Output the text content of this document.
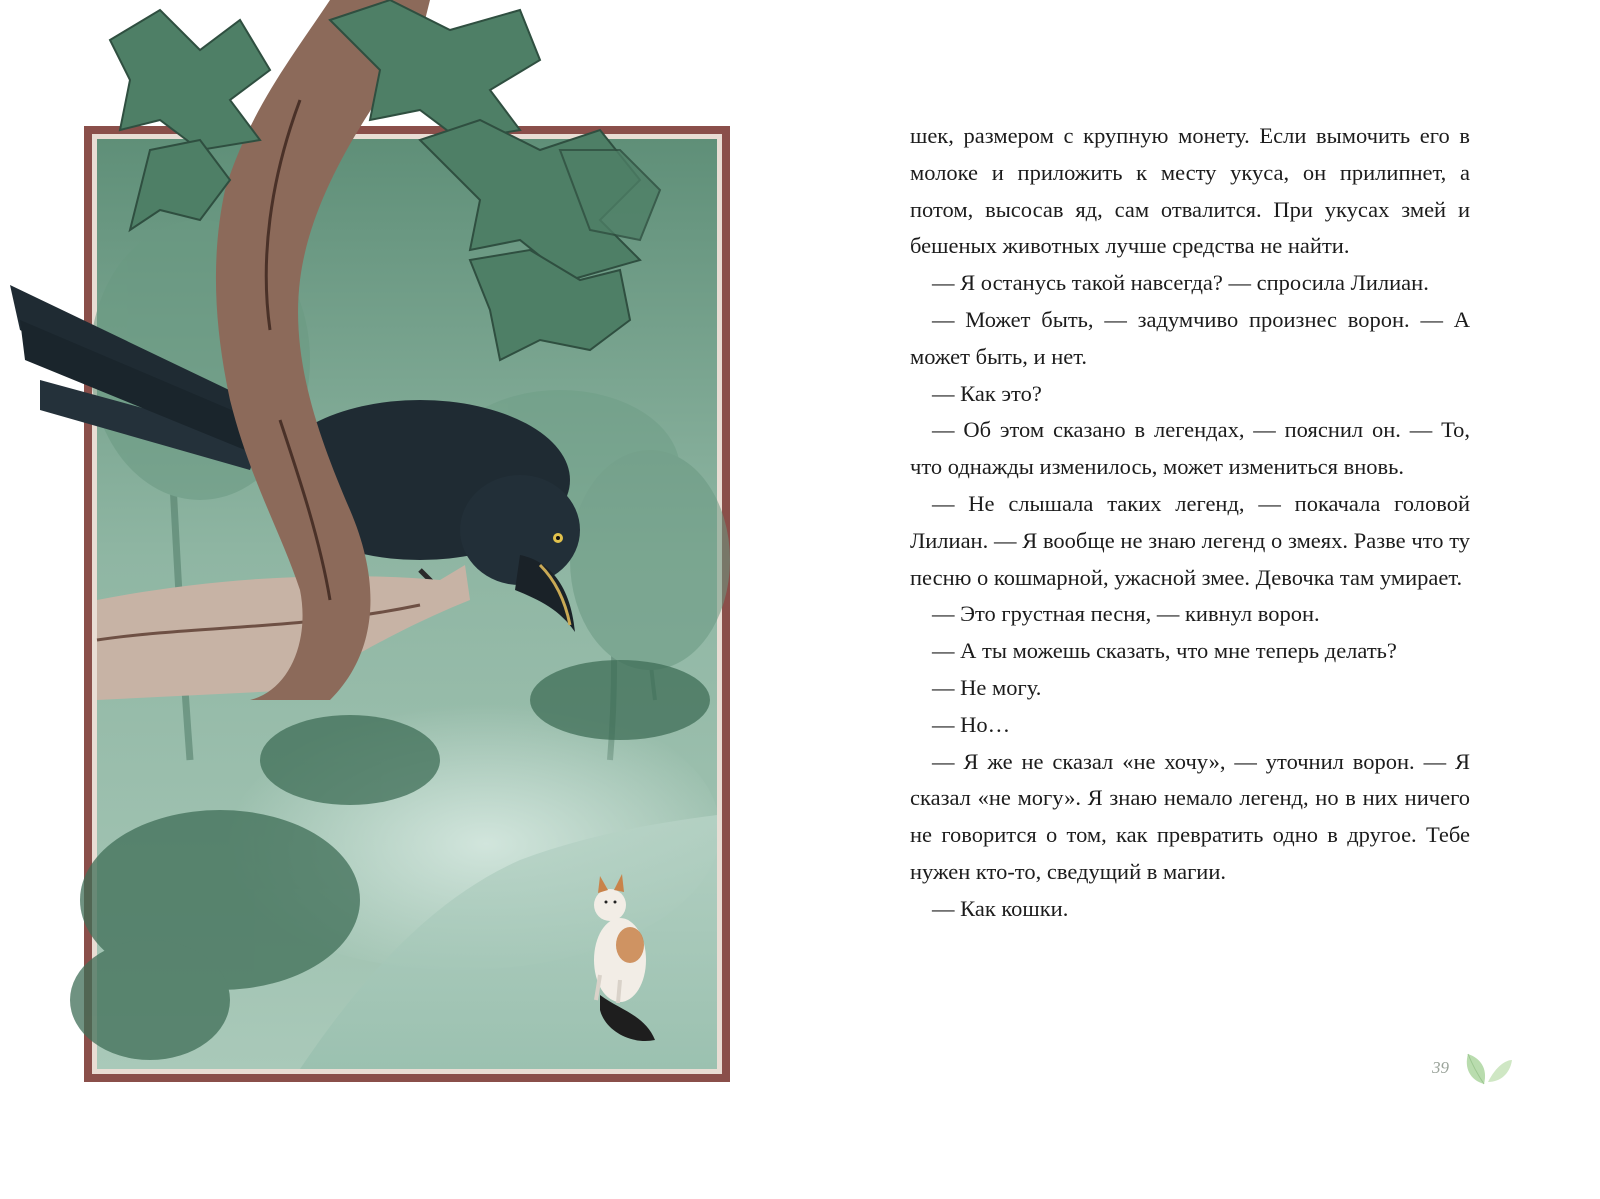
шек, размером с крупную монету. Если вымочить его в молоке и приложить к месту укуса, он прилипнет, а потом, высосав яд, сам отвалится. При укусах змей и бешеных животных лучше средства не найти.

— Я останусь такой навсегда? — спросила Лилиан.

— Может быть, — задумчиво произнес ворон. — А может быть, и нет.

— Как это?

— Об этом сказано в легендах, — пояснил он. — То, что однажды изменилось, может измениться вновь.

— Не слышала таких легенд, — покачала головой Лилиан. — Я вообще не знаю легенд о змеях. Разве что ту песню о кошмарной, ужасной змее. Девочка там умирает.

— Это грустная песня, — кивнул ворон.

— А ты можешь сказать, что мне теперь делать?

— Не могу.

— Но…

— Я же не сказал «не хочу», — уточнил ворон. — Я сказал «не могу». Я знаю немало легенд, но в них ничего не говорится о том, как превратить одно в другое. Тебе нужен кто-то, сведущий в магии.

— Как кошки.

39
